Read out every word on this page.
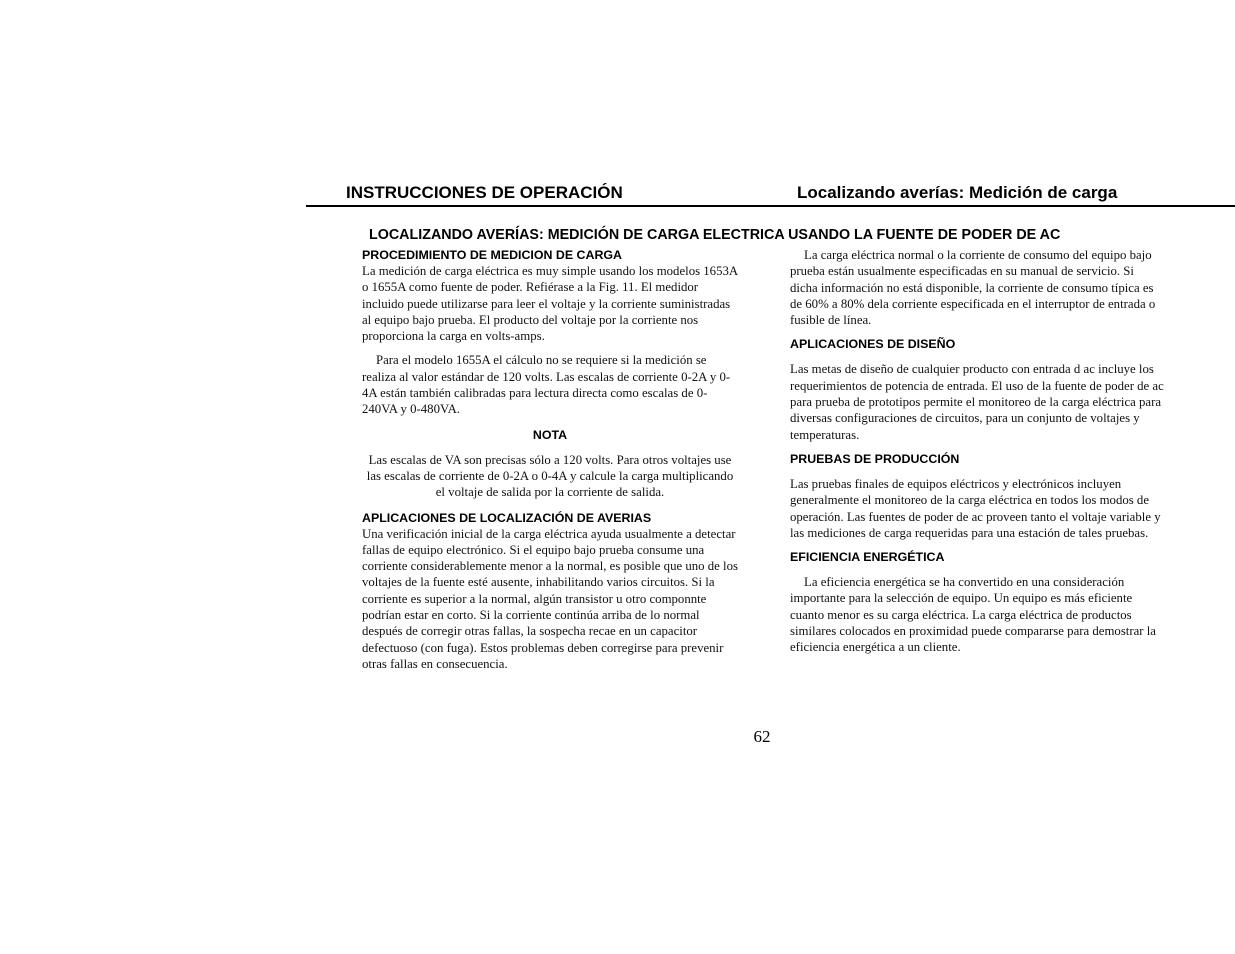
INSTRUCCIONES DE OPERACIÓN	Localizando averías: Medición de carga
LOCALIZANDO AVERÍAS: MEDICIÓN DE CARGA ELECTRICA USANDO LA FUENTE DE PODER DE AC
PROCEDIMIENTO DE MEDICION DE CARGA

La medición de carga eléctrica es muy simple usando los modelos 1653A o 1655A como fuente de poder. Refiérase a la Fig. 11. El medidor incluido puede utilizarse para leer el voltaje y la corriente suministradas al equipo bajo prueba. El producto del voltaje por la corriente nos proporciona la carga en volts-amps.

Para el modelo 1655A el cálculo no se requiere si la medición se realiza al valor estándar de 120 volts. Las escalas de corriente 0-2A y 0-4A están también calibradas para lectura directa como escalas de 0-240VA y 0-480VA.

NOTA

Las escalas de VA son precisas sólo a 120 volts. Para otros voltajes use las escalas de corriente de 0-2A o 0-4A y calcule la carga multiplicando el voltaje de salida por la corriente de salida.

APLICACIONES DE LOCALIZACIÓN DE AVERIAS

Una verificación inicial de la carga eléctrica ayuda usualmente a detectar fallas de equipo electrónico. Si el equipo bajo prueba consume una corriente considerablemente menor a la normal, es posible que uno de los voltajes de la fuente esté ausente, inhabilitando varios circuitos. Si la corriente es superior a la normal, algún transistor u otro componnte podrían estar en corto. Si la corriente continúa arriba de lo normal después de corregir otras fallas, la sospecha recae en un capacitor defectuoso (con fuga). Estos problemas deben corregirse para prevenir otras fallas en consecuencia.

La carga eléctrica normal o la corriente de consumo del equipo bajo prueba están usualmente especificadas en su manual de servicio. Si dicha información no está disponible, la corriente de consumo típica es de 60% a 80% dela corriente especificada en el interruptor de entrada o fusible de línea.

APLICACIONES DE DISEÑO

Las metas de diseño de cualquier producto con entrada d ac incluye los requerimientos de potencia de entrada. El uso de la fuente de poder de ac para prueba de prototipos permite el monitoreo de la carga eléctrica para diversas configuraciones de circuitos, para un conjunto de voltajes y temperaturas.

PRUEBAS DE PRODUCCIÓN

Las pruebas finales de equipos eléctricos y electrónicos incluyen generalmente el monitoreo de la carga eléctrica en todos los modos de operación. Las fuentes de poder de ac proveen tanto el voltaje variable y las mediciones de carga requeridas para una estación de tales pruebas.

EFICIENCIA ENERGÉTICA

La eficiencia energética se ha convertido en una consideración importante para la selección de equipo. Un equipo es más eficiente cuanto menor es su carga eléctrica. La carga eléctrica de productos similares colocados en proximidad puede compararse para demostrar la eficiencia energética a un cliente.

62
